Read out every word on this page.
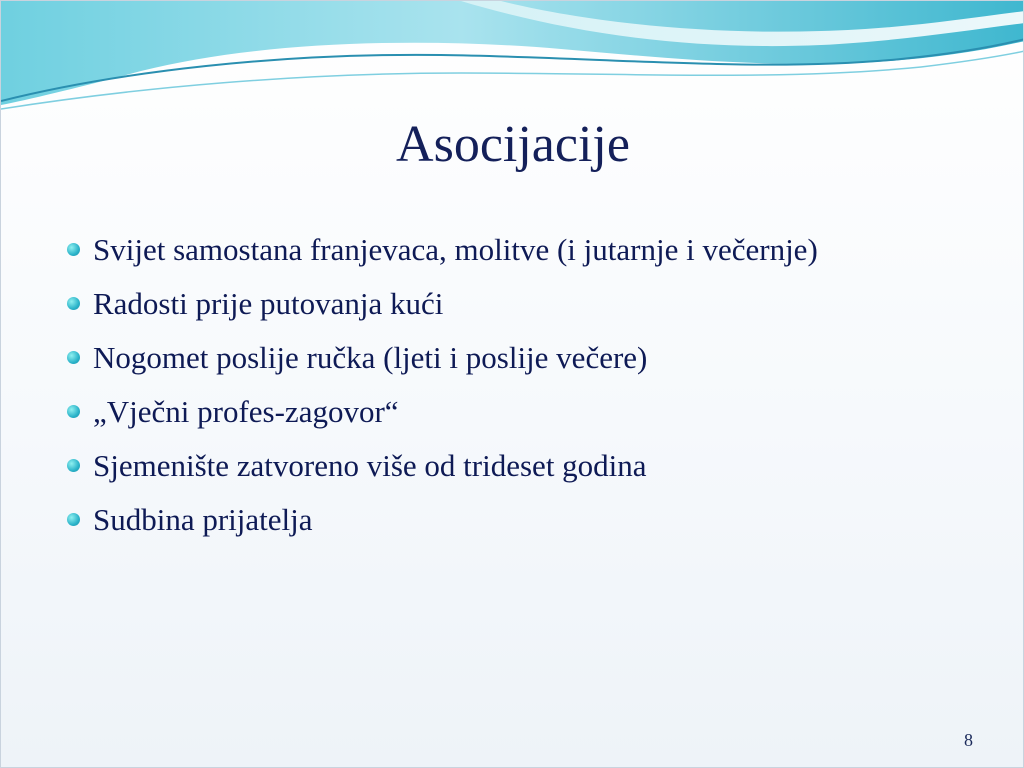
Asocijacije
Svijet samostana franjevaca, molitve (i jutarnje i večernje)
Radosti prije putovanja kući
Nogomet poslije ručka (ljeti i poslije večere)
„Vječni profes-zagovor“
Sjemenište zatvoreno više od trideset godina
Sudbina prijatelja
8
